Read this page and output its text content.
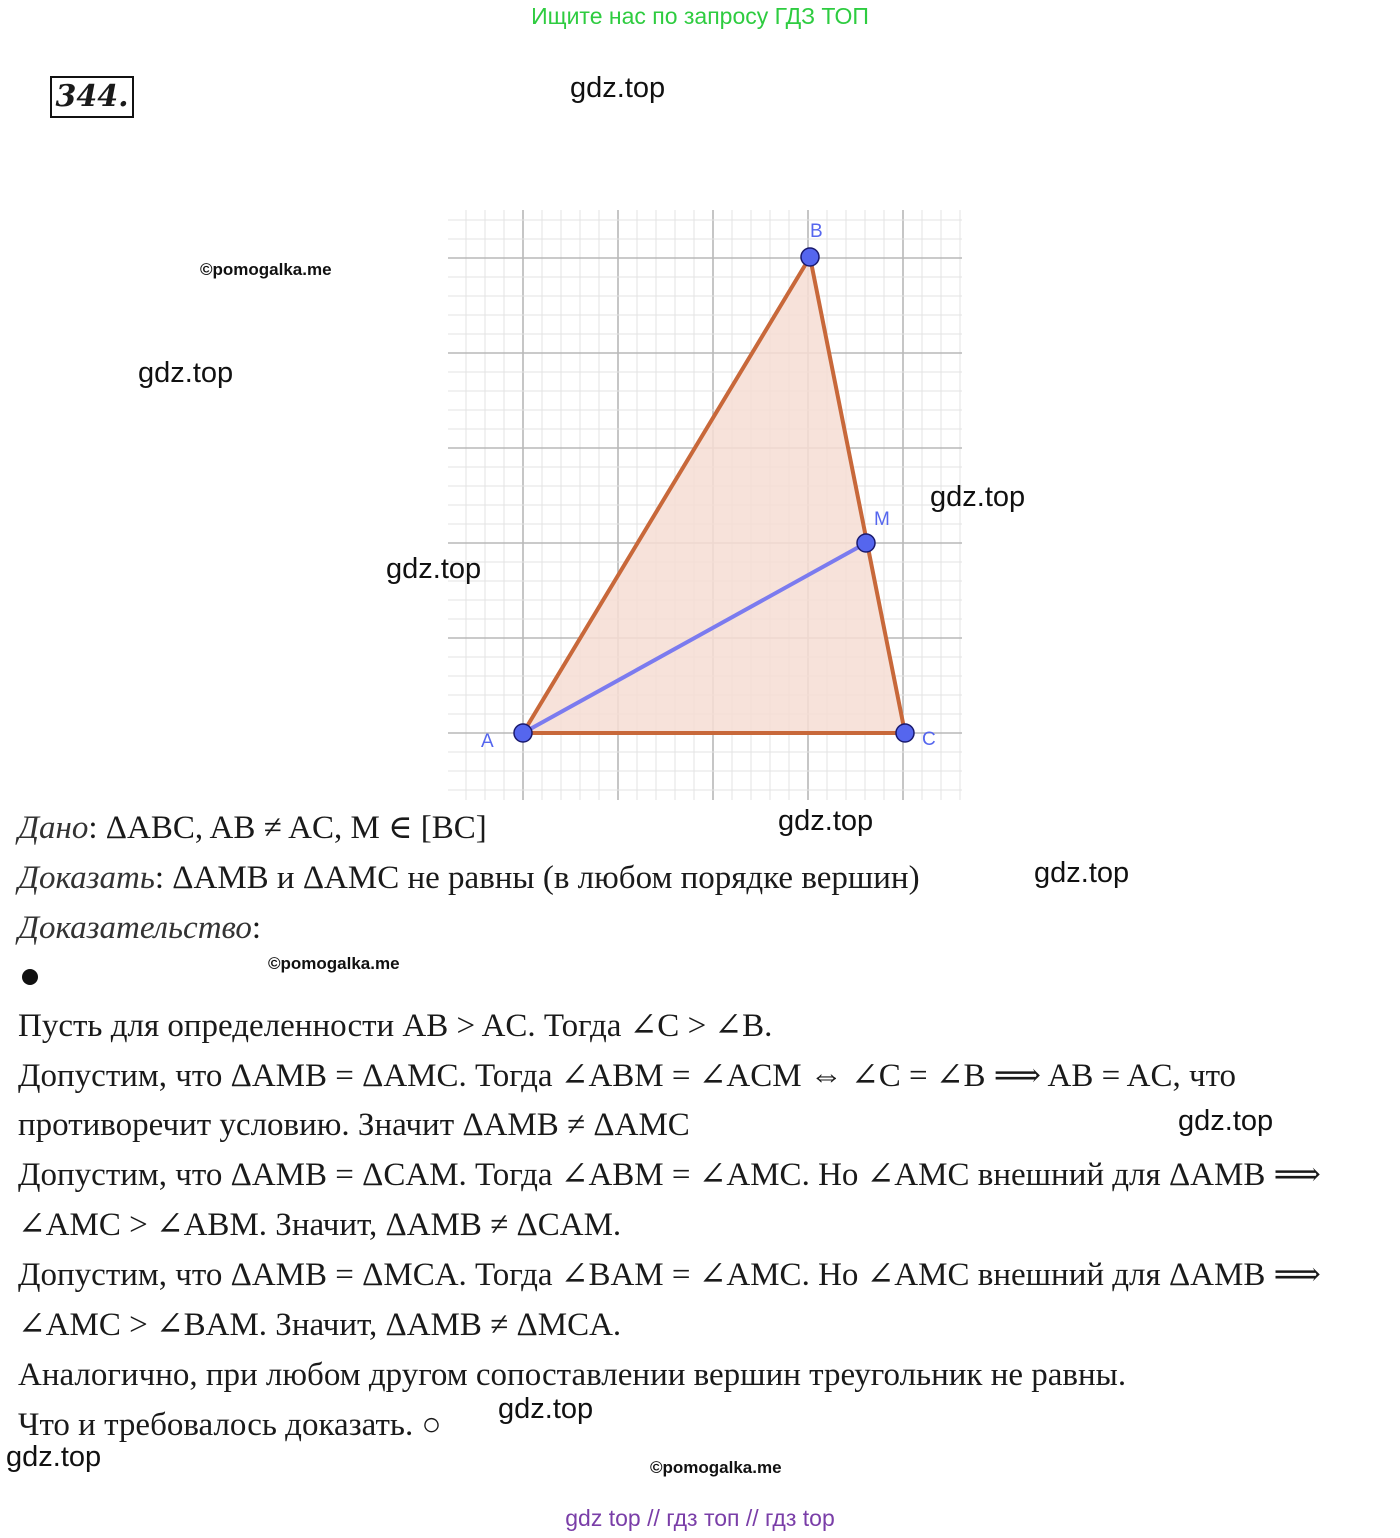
Ищите нас по запросу ГДЗ ТОП
344.
A
B
M
C
gdz.top
©pomogalka.me
gdz.top
gdz.top
gdz.top
gdz.top
gdz.top
©pomogalka.me
gdz.top
gdz.top
gdz.top	©pomogalka.me
Дано: ΔABC, AB ≠ AC, M ∈ [BC]
Доказать: ΔAMB и ΔAMC не равны (в любом порядке вершин)
Доказательство:
Пусть для определенности AB > AC. Тогда ∠C > ∠B.
Допустим, что ΔAMB = ΔAMC. Тогда ∠ABM = ∠ACM ⇔ ∠C = ∠B ⟹ AB = AC, что
противоречит условию. Значит ΔAMB ≠ ΔAMC
Допустим, что ΔAMB = ΔCAM. Тогда ∠ABM = ∠AMC. Но ∠AMC внешний для ΔAMB ⟹
∠AMC > ∠ABM. Значит, ΔAMB ≠ ΔCAM.
Допустим, что ΔAMB = ΔMCA. Тогда ∠BAM = ∠AMC. Но ∠AMC внешний для ΔAMB ⟹
∠AMC > ∠BAM. Значит, ΔAMB ≠ ΔMCA.
Аналогично, при любом другом сопоставлении вершин треугольник не равны.
Что и требовалось доказать. ○
gdz top // гдз топ // гдз top
